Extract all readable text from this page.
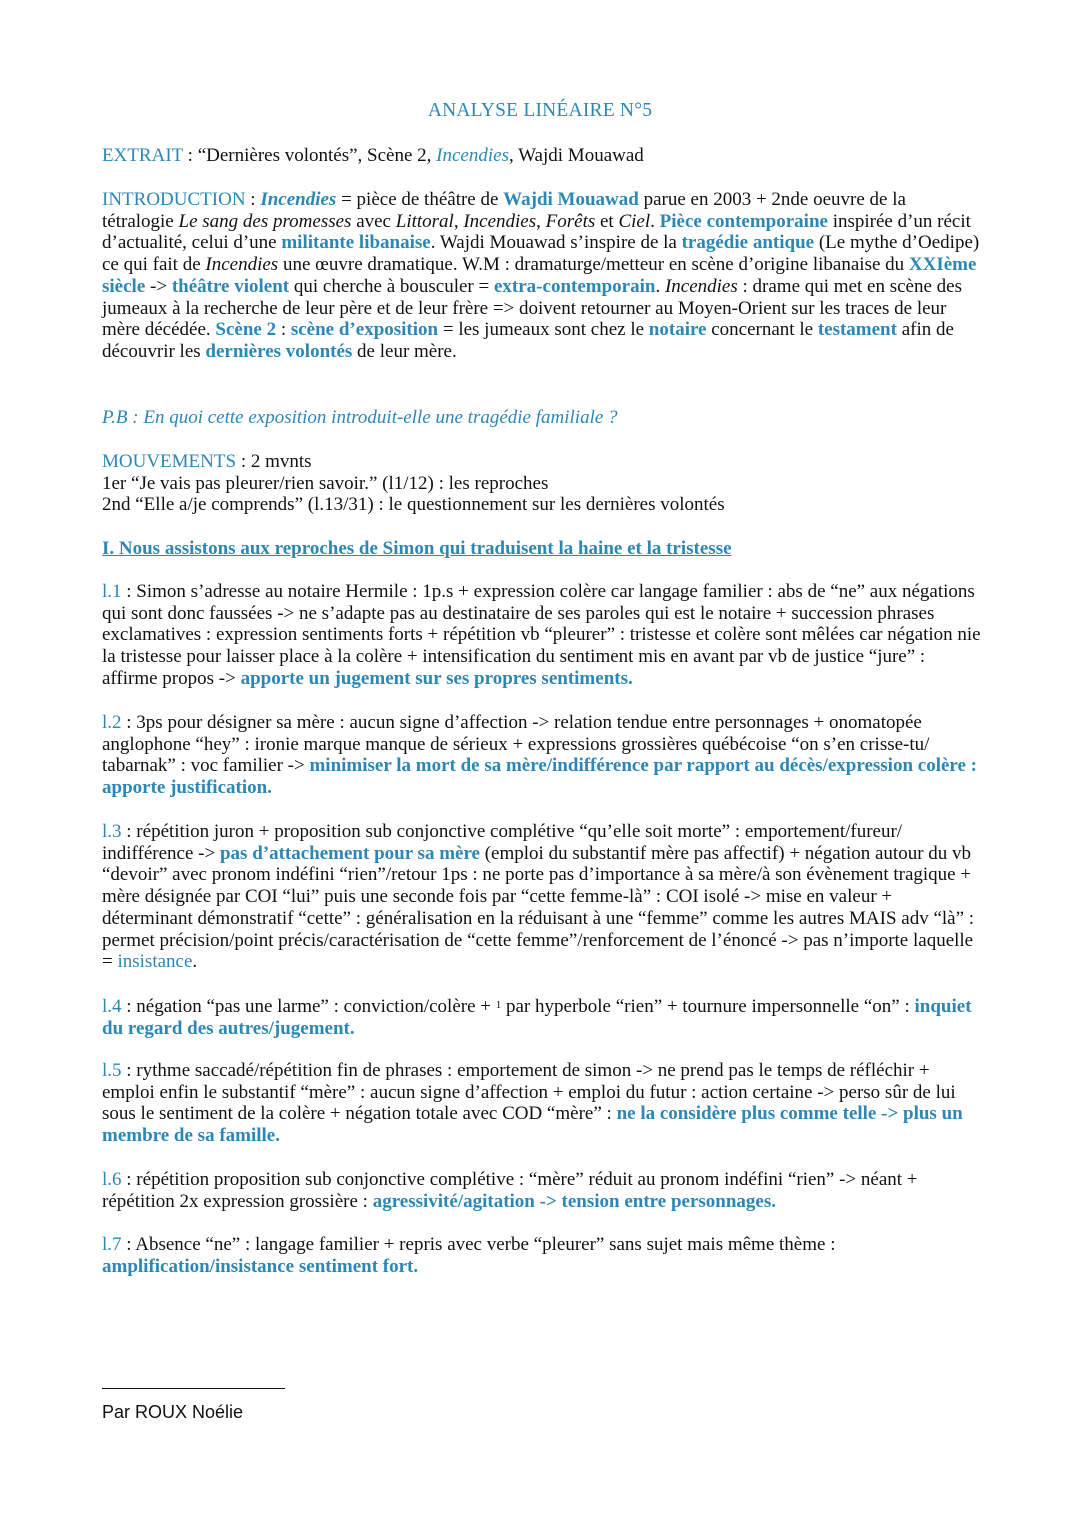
ANALYSE LINÉAIRE N°5

EXTRAIT : “Dernières volontés”, Scène 2, Incendies, Wajdi Mouawad

INTRODUCTION : Incendies = pièce de théâtre de Wajdi Mouawad parue en 2003 + 2nde oeuvre de la tétralogie Le sang des promesses avec Littoral, Incendies, Forêts et Ciel. Pièce contemporaine inspirée d’un récit d’actualité, celui d’une militante libanaise. Wajdi Mouawad s’inspire de la tragédie antique (Le mythe d’Oedipe) ce qui fait de Incendies une œuvre dramatique. W.M : dramaturge/metteur en scène d’origine libanaise du XXIème siècle -> théâtre violent qui cherche à bousculer = extra-contemporain. Incendies : drame qui met en scène des jumeaux à la recherche de leur père et de leur frère => doivent retourner au Moyen-Orient sur les traces de leur mère décédée. Scène 2 : scène d’exposition = les jumeaux sont chez le notaire concernant le testament afin de découvrir les dernières volontés de leur mère.

P.B : En quoi cette exposition introduit-elle une tragédie familiale ?

MOUVEMENTS : 2 mvnts
1er “Je vais pas pleurer/rien savoir.” (l1/12) : les reproches
2nd “Elle a/je comprends” (l.13/31) : le questionnement sur les dernières volontés

I. Nous assistons aux reproches de Simon qui traduisent la haine et la tristesse

l.1 : Simon s’adresse au notaire Hermile : 1p.s + expression colère car langage familier : abs de “ne” aux négations qui sont donc faussées -> ne s’adapte pas au destinataire de ses paroles qui est le notaire + succession phrases exclamatives : expression sentiments forts + répétition vb “pleurer” : tristesse et colère sont mêlées car négation nie la tristesse pour laisser place à la colère + intensification du sentiment mis en avant par vb de justice “jure” : affirme propos -> apporte un jugement sur ses propres sentiments.

l.2 : 3ps pour désigner sa mère : aucun signe d’affection -> relation tendue entre personnages + onomatopée anglophone “hey” : ironie marque manque de sérieux + expressions grossières québécoise “on s’en crisse-tu/ tabarnak” : voc familier -> minimiser la mort de sa mère/indifférence par rapport au décès/expression colère : apporte justification.

l.3 : répétition juron + proposition sub conjonctive complétive “qu’elle soit morte” : emportement/fureur/ indifférence -> pas d’attachement pour sa mère (emploi du substantif mère pas affectif) + négation autour du vb “devoir” avec pronom indéfini “rien”/retour 1ps : ne porte pas d’importance à sa mère/à son évènement tragique + mère désignée par COI “lui” puis une seconde fois par “cette femme-là” : COI isolé -> mise en valeur + déterminant démonstratif “cette” : généralisation en la réduisant à une “femme” comme les autres MAIS adv “là” : permet précision/point précis/caractérisation de “cette femme”/renforcement de l’énoncé -> pas n’importe laquelle = insistance.

l.4 : négation “pas une larme” : conviction/colère + $^1$ par hyperbole “rien” + tournure impersonnelle “on” : inquiet du regard des autres/jugement.

l.5 : rythme saccadé/répétition fin de phrases : emportement de simon -> ne prend pas le temps de réfléchir + emploi enfin le substantif “mère” : aucun signe d’affection + emploi du futur : action certaine -> perso sûr de lui sous le sentiment de la colère + négation totale avec COD “mère” : ne la considère plus comme telle -> plus un membre de sa famille.

l.6 : répétition proposition sub conjonctive complétive : “mère” réduit au pronom indéfini “rien” -> néant + répétition 2x expression grossière : agressivité/agitation -> tension entre personnages.

l.7 : Absence “ne” : langage familier + repris avec verbe “pleurer” sans sujet mais même thème : amplification/insistance sentiment fort.

Par ROUX Noélie
